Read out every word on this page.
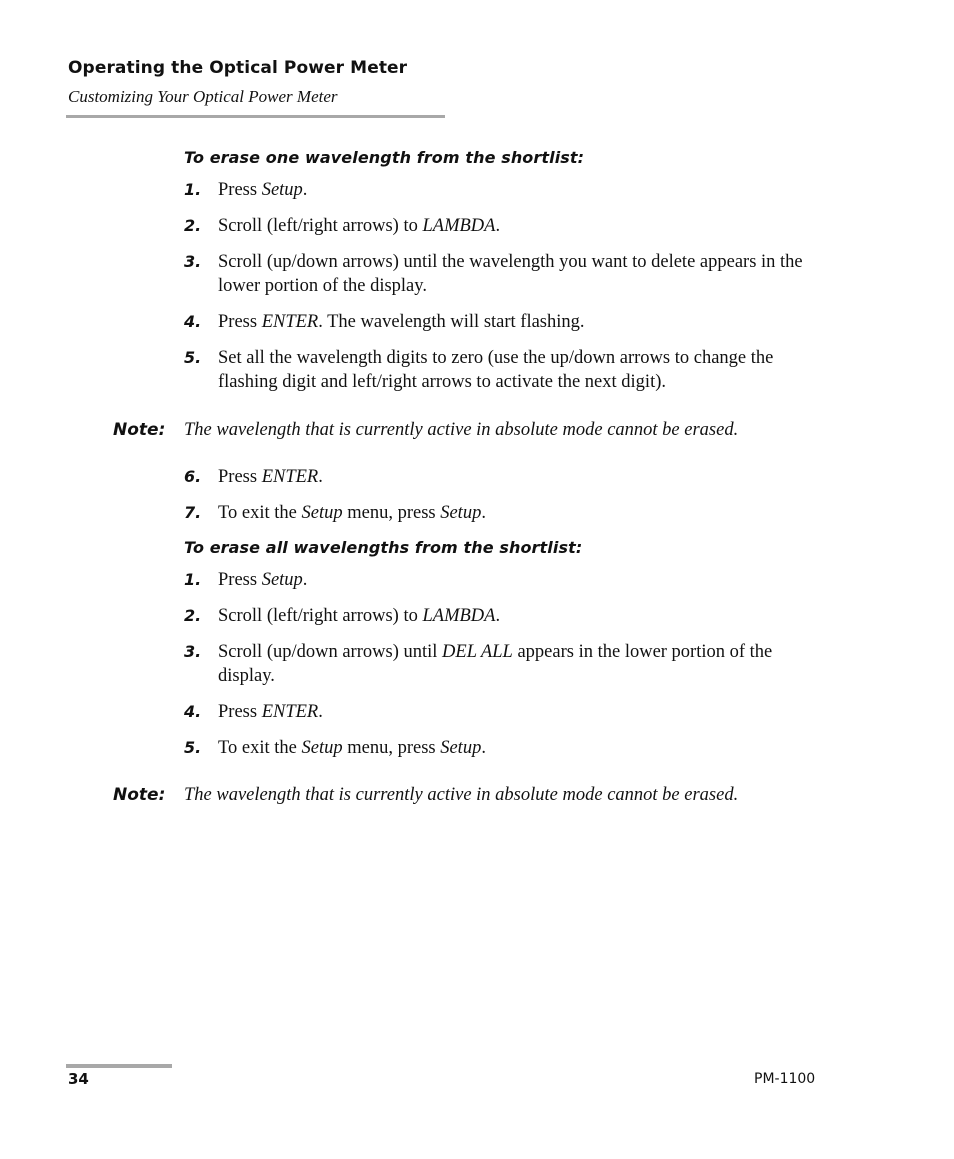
Operating the Optical Power Meter
Customizing Your Optical Power Meter
To erase one wavelength from the shortlist:
1. Press Setup.
2. Scroll (left/right arrows) to LAMBDA.
3. Scroll (up/down arrows) until the wavelength you want to delete appears in the lower portion of the display.
4. Press ENTER. The wavelength will start flashing.
5. Set all the wavelength digits to zero (use the up/down arrows to change the flashing digit and left/right arrows to activate the next digit).
Note: The wavelength that is currently active in absolute mode cannot be erased.
6. Press ENTER.
7. To exit the Setup menu, press Setup.
To erase all wavelengths from the shortlist:
1. Press Setup.
2. Scroll (left/right arrows) to LAMBDA.
3. Scroll (up/down arrows) until DEL ALL appears in the lower portion of the display.
4. Press ENTER.
5. To exit the Setup menu, press Setup.
Note: The wavelength that is currently active in absolute mode cannot be erased.
34	PM-1100
